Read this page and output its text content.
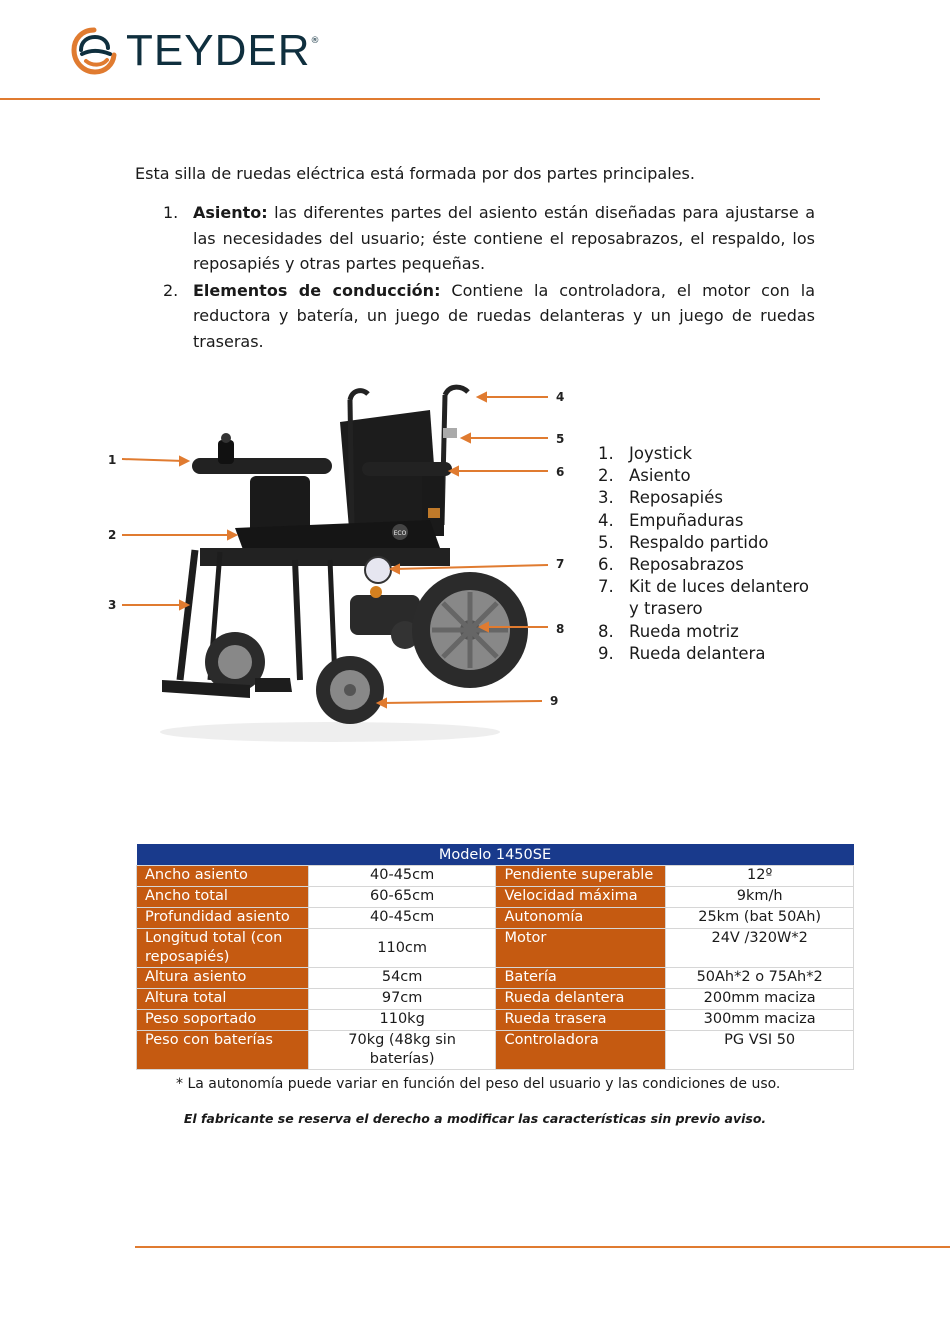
TEYDER ®
Esta silla de ruedas eléctrica está formada por dos partes principales.
1. Asiento: las diferentes partes del asiento están diseñadas para ajustarse a las necesidades del usuario; éste contiene el reposabrazos, el respaldo, los reposapiés y otras partes pequeñas.
2. Elementos de conducción: Contiene la controladora, el motor con la reductora y batería, un juego de ruedas delanteras y un juego de ruedas traseras.
ECO
1
2
3
4
5
6
7
8
9
1. Joystick
2. Asiento
3. Reposapiés
4. Empuñaduras
5. Respaldo partido
6. Reposabrazos
7. Kit de luces delantero y trasero
8. Rueda motriz
9. Rueda delantera
Modelo 1450SE			
Ancho asiento	40-45cm	Pendiente superable	12º
Ancho total	60-65cm	Velocidad máxima	9km/h
Profundidad asiento	40-45cm	Autonomía	25km (bat 50Ah)
Longitud total (con reposapiés)	110cm	Motor	24V /320W*2
Altura asiento	54cm	Batería	50Ah*2 o 75Ah*2
Altura total	97cm	Rueda delantera	200mm maciza
Peso soportado	110kg	Rueda trasera	300mm maciza
Peso con baterías	70kg (48kg sin baterías)	Controladora	PG VSI 50
* La autonomía puede variar en función del peso del usuario y las condiciones de uso.
El fabricante se reserva el derecho a modificar las características sin previo aviso.
